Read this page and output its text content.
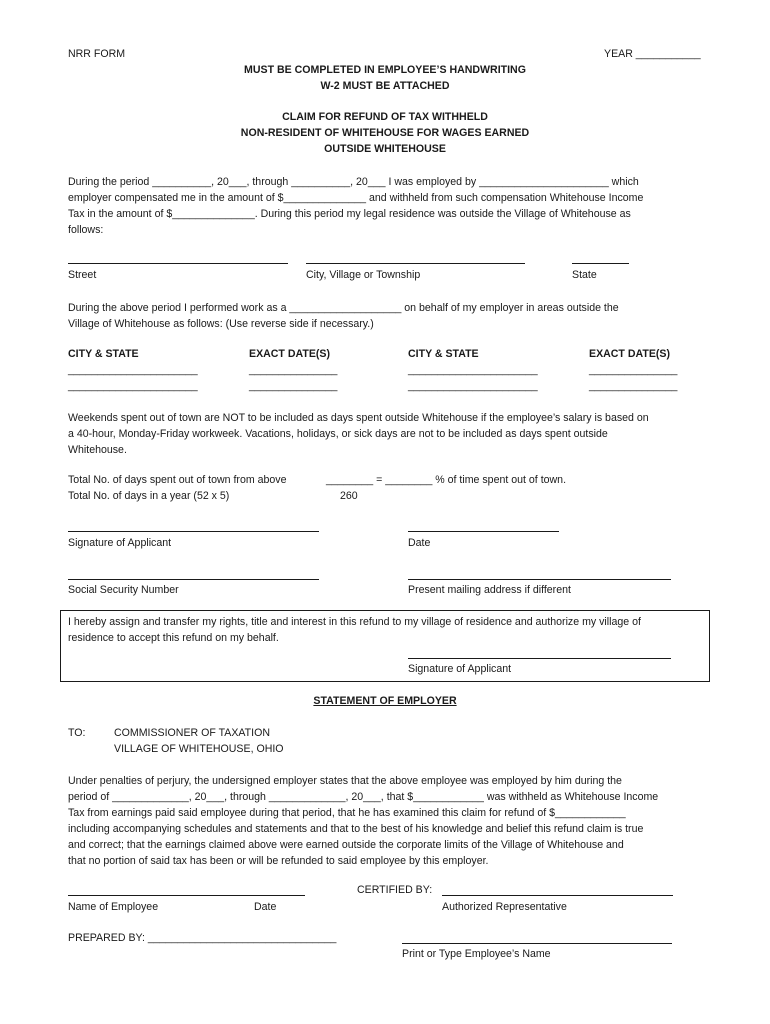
NRR FORM	YEAR ___________
MUST BE COMPLETED IN EMPLOYEE’S HANDWRITING
W-2 MUST BE ATTACHED
CLAIM FOR REFUND OF TAX WITHHELD
NON-RESIDENT OF WHITEHOUSE FOR WAGES EARNED
OUTSIDE WHITEHOUSE

During the period __________, 20___, through __________, 20___ I was employed by ______________________ which

employer compensated me in the amount of $______________ and withheld from such compensation Whitehouse Income

Tax in the amount of $______________. During this period my legal residence was outside the Village of Whitehouse as

follows:

Street	City, Village or Township	State

During the above period I performed work as a ___________________ on behalf of my employer in areas outside the

Village of Whitehouse as follows: (Use reverse side if necessary.)

CITY & STATE	EXACT DATE(S)	CITY & STATE	EXACT DATE(S)
______________________	_______________	______________________	_______________
______________________	_______________	______________________	_______________

Weekends spent out of town are NOT to be included as days spent outside Whitehouse if the employee’s salary is based on

a 40-hour, Monday-Friday workweek. Vacations, holidays, or sick days are not to be included as days spent outside

Whitehouse.

Total No. of days spent out of town from above	________ = ________ % of time spent out of town.
Total No. of days in a year (52 x 5)	260
Signature of Applicant	Date
Social Security Number	Present mailing address if different
I hereby assign and transfer my rights, title and interest in this refund to my village of residence and authorize my village of
residence to accept this refund on my behalf.
Signature of Applicant
STATEMENT OF EMPLOYER
TO:	COMMISSIONER OF TAXATION
VILLAGE OF WHITEHOUSE, OHIO

Under penalties of perjury, the undersigned employer states that the above employee was employed by him during the

period of _____________, 20___, through _____________, 20___, that $____________ was withheld as Whitehouse Income

Tax from earnings paid said employee during that period, that he has examined this claim for refund of $____________

including accompanying schedules and statements and that to the best of his knowledge and belief this refund claim is true

and correct; that the earnings claimed above were earned outside the corporate limits of the Village of Whitehouse and

that no portion of said tax has been or will be refunded to said employee by this employer.

CERTIFIED BY:
Name of Employee	Date	Authorized Representative
PREPARED BY: ________________________________
Print or Type Employee’s Name
